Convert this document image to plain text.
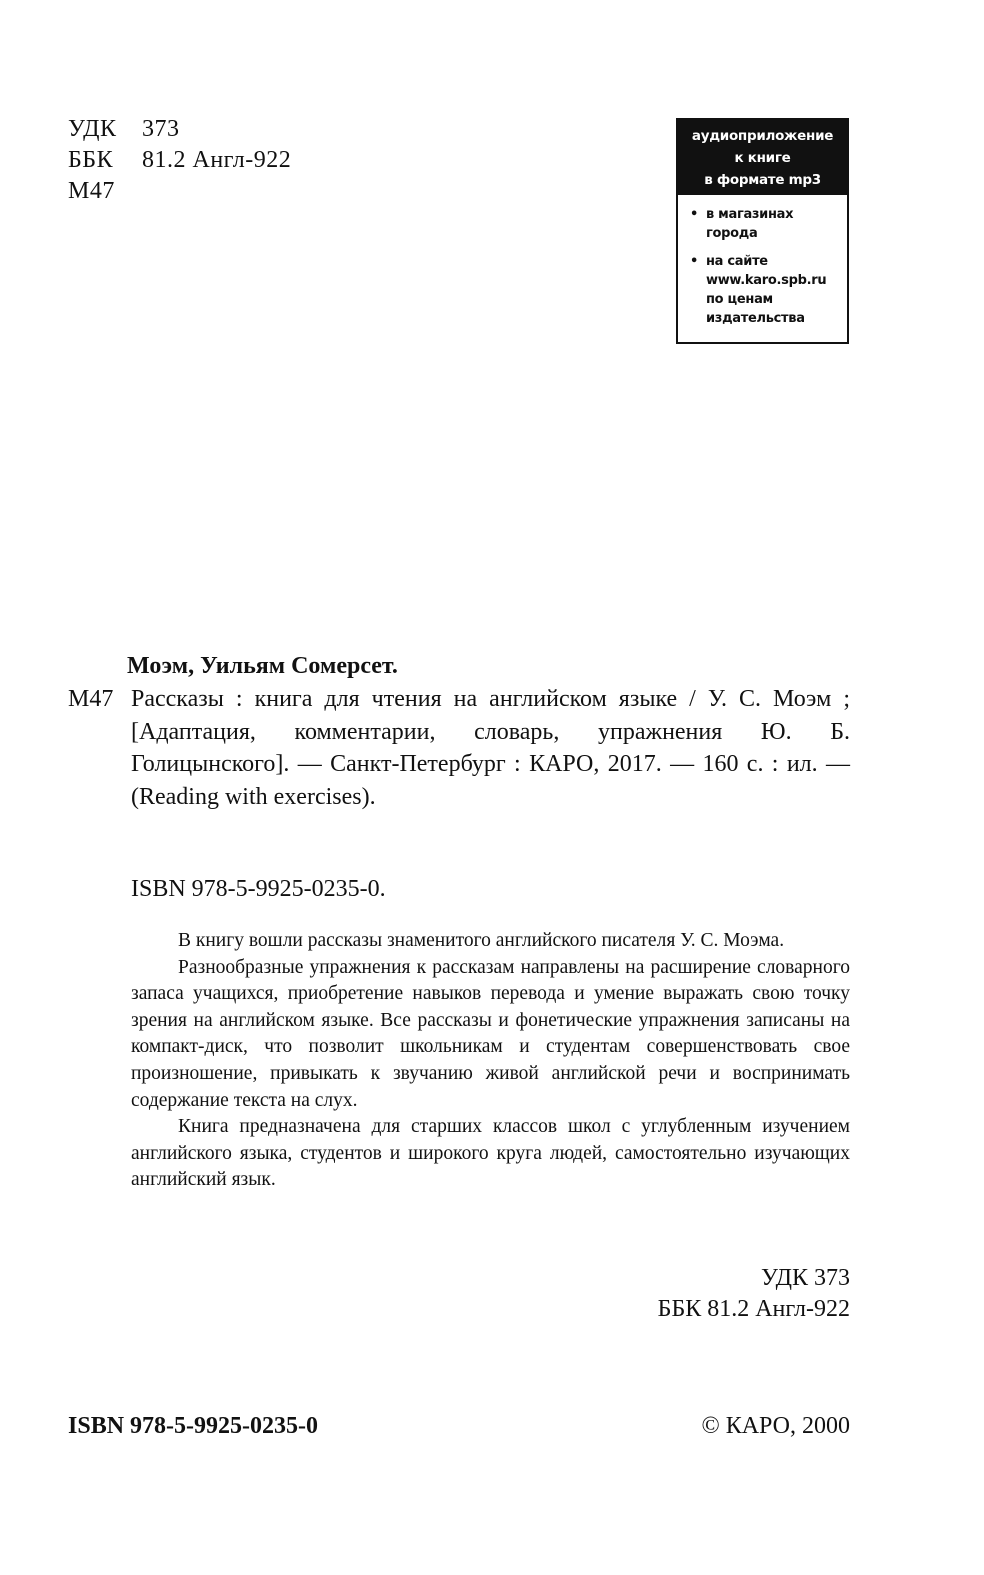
УДК 373
ББК 81.2 Англ-922
М47
аудиоприложение
к книге
в формате mp3
• в магазинах
города
• на сайте
www.karo.spb.ru
по ценам
издательства
Моэм, Уильям Сомерсет.
М47 Рассказы : книга для чтения на английском языке / У. С. Моэм ; [Адаптация, комментарии, словарь, упражнения Ю. Б. Голицынского]. — Санкт-Петербург : КАРО, 2017. — 160 с. : ил. — (Reading with exercises).
ISBN 978-5-9925-0235-0.

В книгу вошли рассказы знаменитого английского писателя У. С. Моэма.

Разнообразные упражнения к рассказам направлены на расширение словарного запаса учащихся, приобретение навыков перевода и умение выражать свою точку зрения на английском языке. Все рассказы и фонетические упражнения записаны на компакт-диск, что позволит школьникам и студентам совершенствовать свое произношение, привыкать к звучанию живой английской речи и воспринимать содержание текста на слух.

Книга предназначена для старших классов школ с углубленным изучением английского языка, студентов и широкого круга людей, самостоятельно изучающих английский язык.

УДК 373
ББК 81.2 Англ-922
ISBN 978-5-9925-0235-0	© КАРО, 2000
